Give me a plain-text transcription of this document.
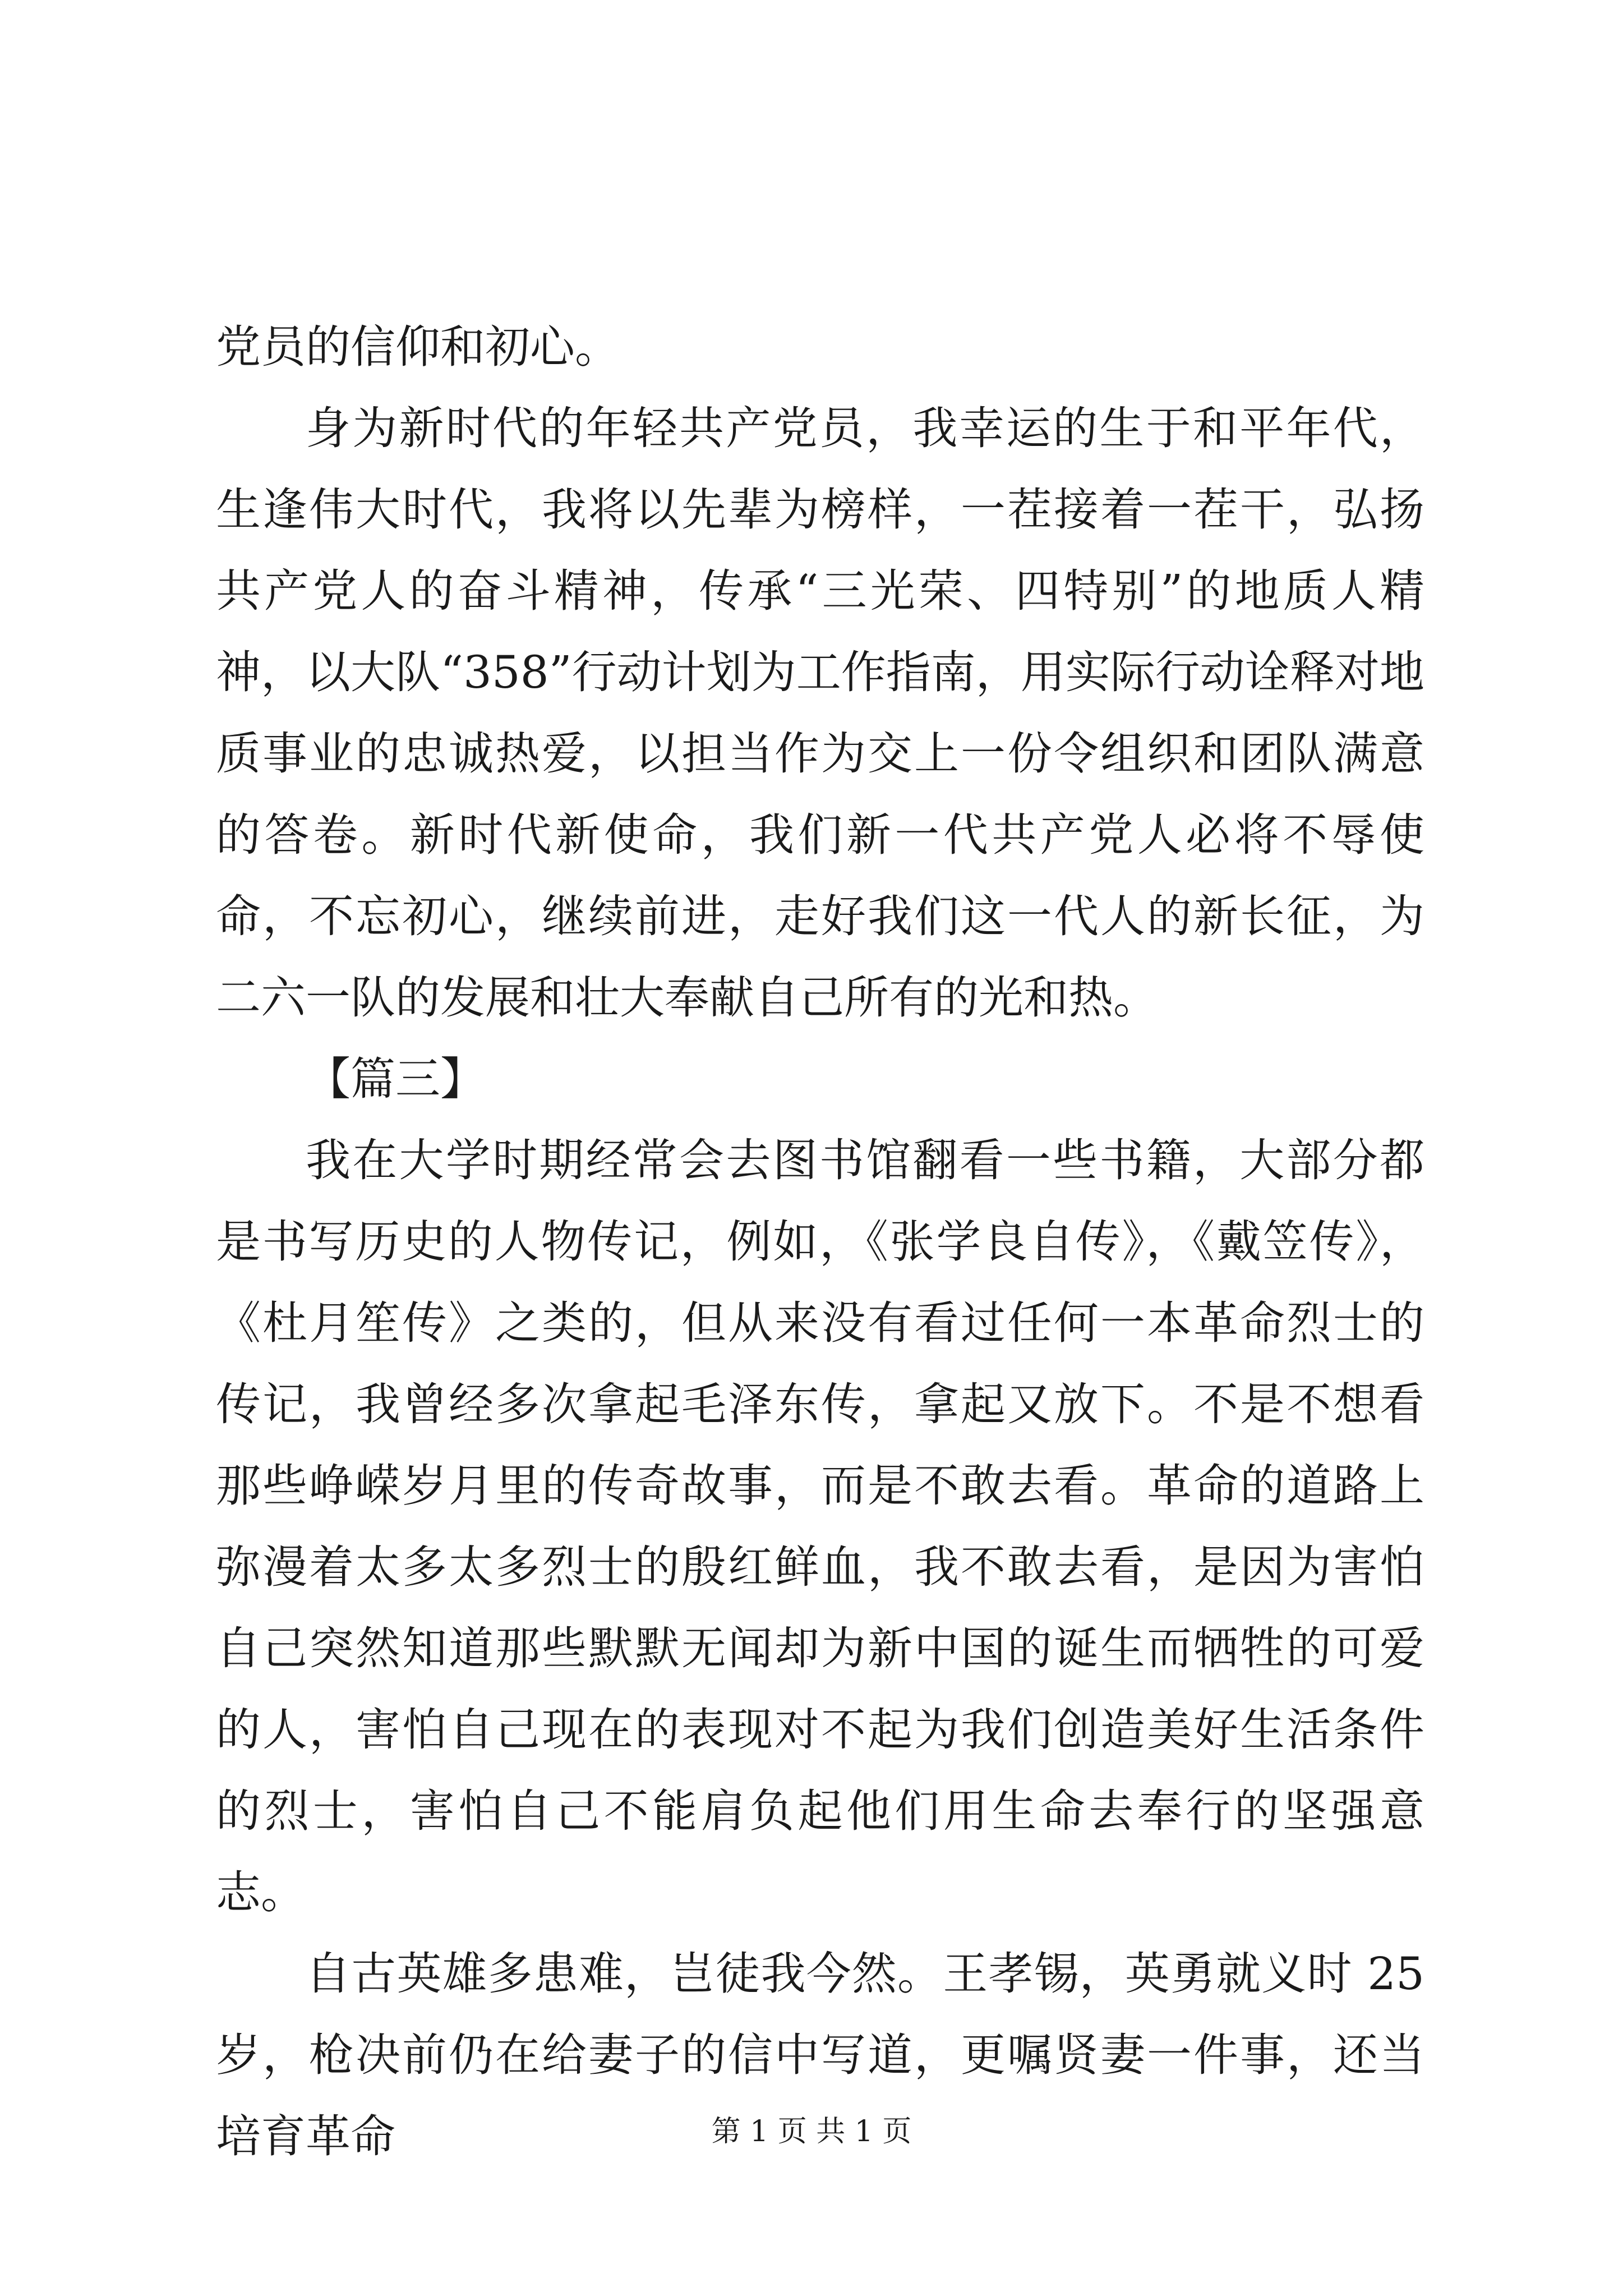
党员的信仰和初心。

身为新时代的年轻共产党员，我幸运的生于和平年代，生逢伟大时代，我将以先辈为榜样，一茬接着一茬干，弘扬共产党人的奋斗精神，传承“三光荣、四特别”的地质人精神，以大队“358”行动计划为工作指南，用实际行动诠释对地质事业的忠诚热爱，以担当作为交上一份令组织和团队满意的答卷。新时代新使命，我们新一代共产党人必将不辱使命，不忘初心，继续前进，走好我们这一代人的新长征，为二六一队的发展和壮大奉献自己所有的光和热。

【篇三】

我在大学时期经常会去图书馆翻看一些书籍，大部分都是书写历史的人物传记，例如，《张学良自传》，《戴笠传》，《杜月笙传》之类的，但从来没有看过任何一本革命烈士的传记，我曾经多次拿起毛泽东传，拿起又放下。不是不想看那些峥嵘岁月里的传奇故事，而是不敢去看。革命的道路上弥漫着太多太多烈士的殷红鲜血，我不敢去看，是因为害怕自己突然知道那些默默无闻却为新中国的诞生而牺牲的可爱的人，害怕自己现在的表现对不起为我们创造美好生活条件的烈士，害怕自己不能肩负起他们用生命去奉行的坚强意志。

自古英雄多患难，岂徒我今然。王孝锡，英勇就义时 25 岁，枪决前仍在给妻子的信中写道，更嘱贤妻一件事，还当培育革命	第 1 页 共 1 页
